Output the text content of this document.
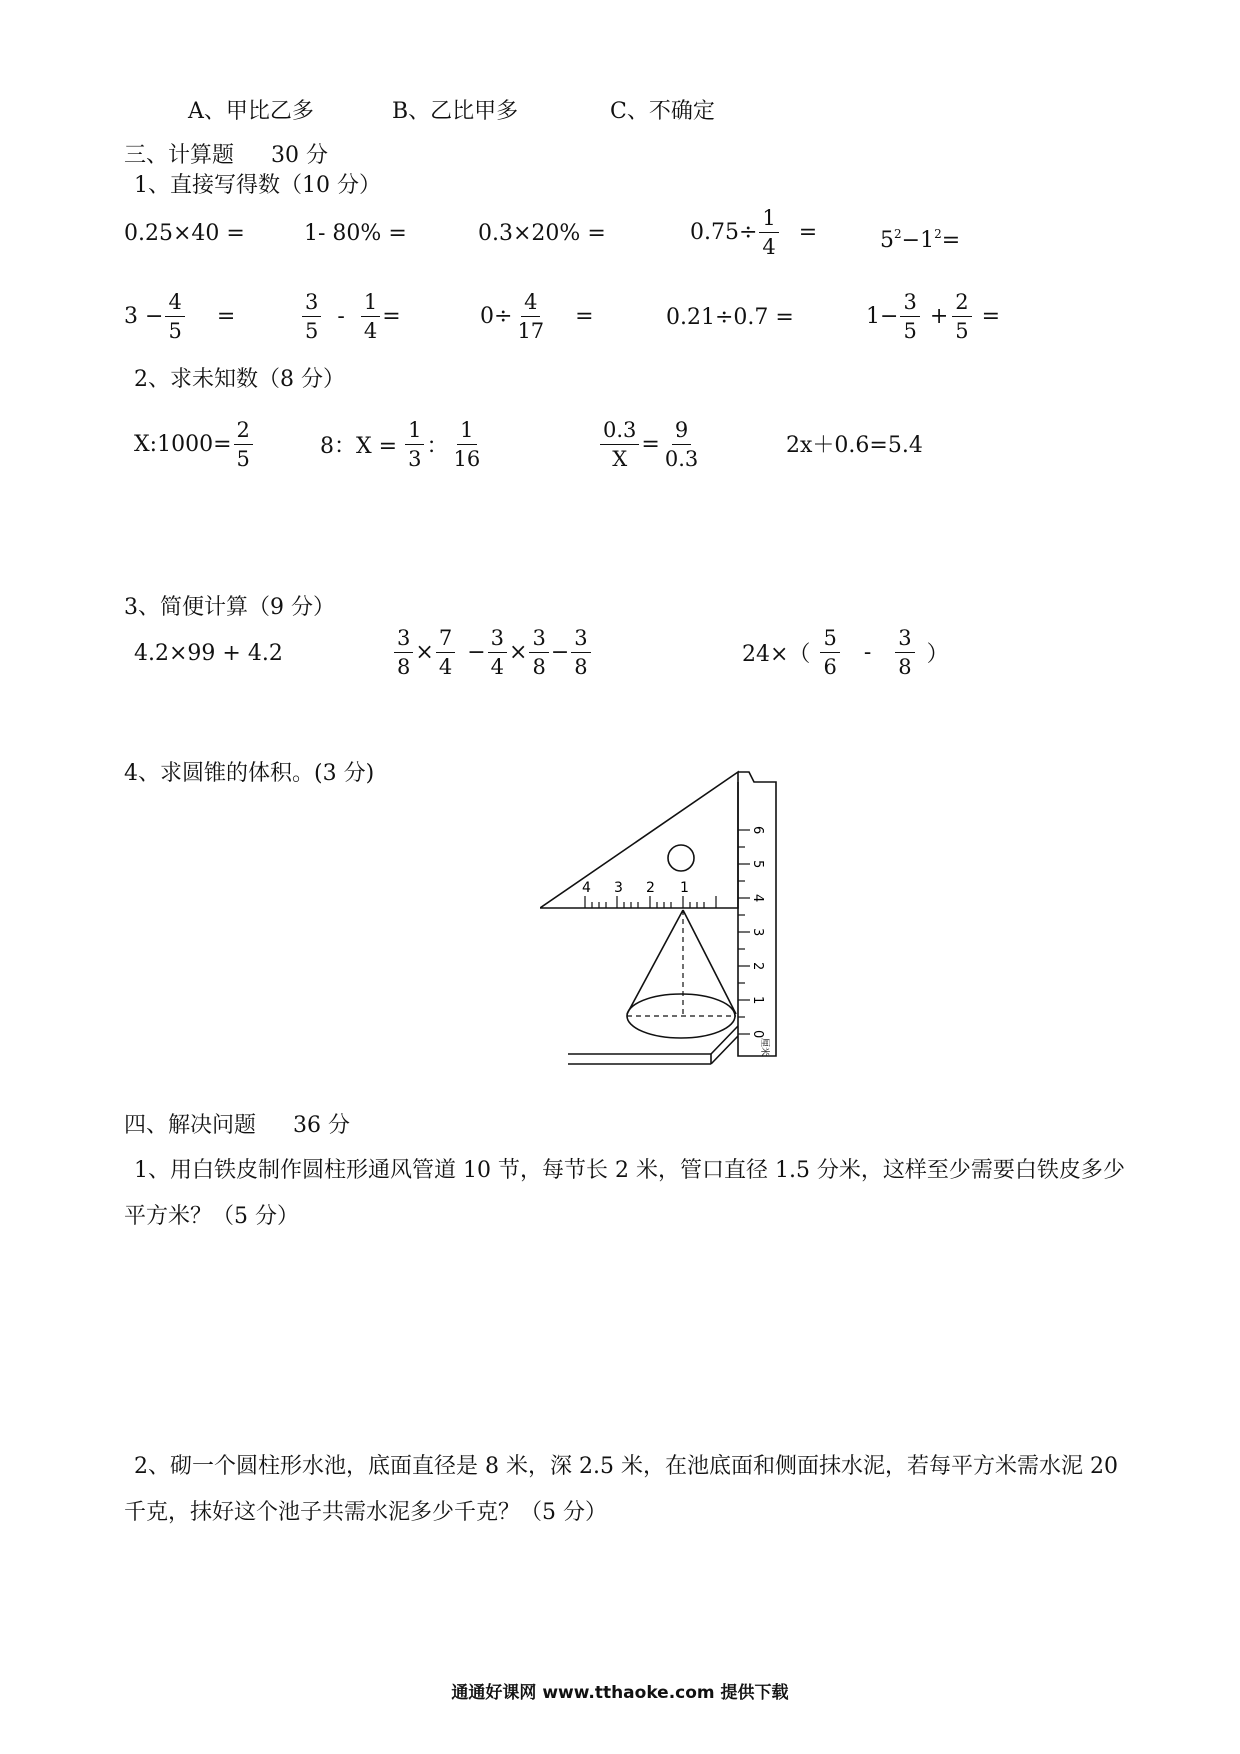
A、甲比乙多	B、乙比甲多	C、不确定
三、计算题 30 分
1、直接写得数（10 分）
0.25×40 =	1- 80% =	0.3×20% =	$0.75\div \frac{1}{4}$ =	$5^2-1^2=$
$3 - \frac{4}{5}$ =	$\frac{3}{5} - \frac{1}{4}$ =	$0\div \frac{4}{17}$ =	0.21÷0.7 =	$1- \frac{3}{5} + \frac{2}{5}$ =
2、求未知数（8 分）
X:1000= $\frac{2}{5}$	8：$X = \frac{1}{3}$ ： $\frac{1}{16}$	$\frac{0.3}{X} = \frac{9}{0.3}$	2x＋0.6=5.4
3、简便计算（9 分）
4.2×99 + 4.2	$\frac{3}{8} \times \frac{7}{4} - \frac{3}{4} \times \frac{3}{8} - \frac{3}{8}$	$24\times( \frac{5}{6} - \frac{3}{8}$ ）
4、求圆锥的体积。(3 分)
4 3 2 1
6
5
4
3
2
1
0
厘米
四、解决问题 36 分
1、用白铁皮制作圆柱形通风管道 10 节，每节长 2 米，管口直径 1.5 分米，这样至少需要白铁皮多少平方米？（5 分）
2、砌一个圆柱形水池，底面直径是 8 米，深 2.5 米，在池底面和侧面抹水泥，若每平方米需水泥 20 千克，抹好这个池子共需水泥多少千克？（5 分）
通通好课网 www.tthaoke.com 提供下载
